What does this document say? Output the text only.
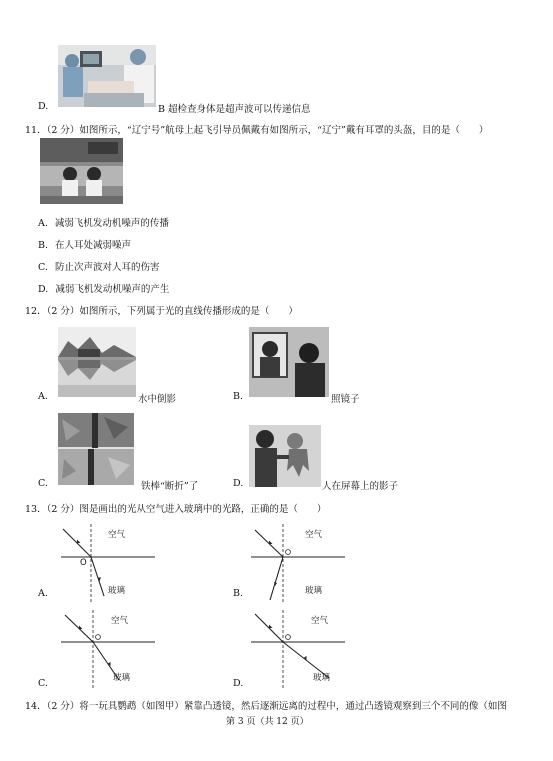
D.	B 超检查身体是超声波可以传递信息
11．（2 分）如图所示，“辽宁号”航母上起飞引导员佩戴有如图所示，“辽宁”戴有耳罩的头盔，目的是（　　）
A. 减弱飞机发动机噪声的传播
B. 在人耳处减弱噪声
C. 防止次声波对人耳的伤害
D. 减弱飞机发动机噪声的产生
12．（2 分）如图所示，下列属于光的直线传播形成的是（　　）
A.	水中倒影	B.	照镜子
C.	铁棒“断折”了	D.	人在屏幕上的影子
13．（2 分）图是画出的光从空气进入玻璃中的光路，正确的是（　　）
空气
O
玻璃
A.
空气
玻璃
B.
空气
玻璃
C.
空气
玻璃
D.
14．（2 分）将一玩具鹦鹉（如图甲）紧靠凸透镜，然后逐渐远离的过程中，通过凸透镜观察到三个不同的像（如图
第 3 页（共 12 页）
